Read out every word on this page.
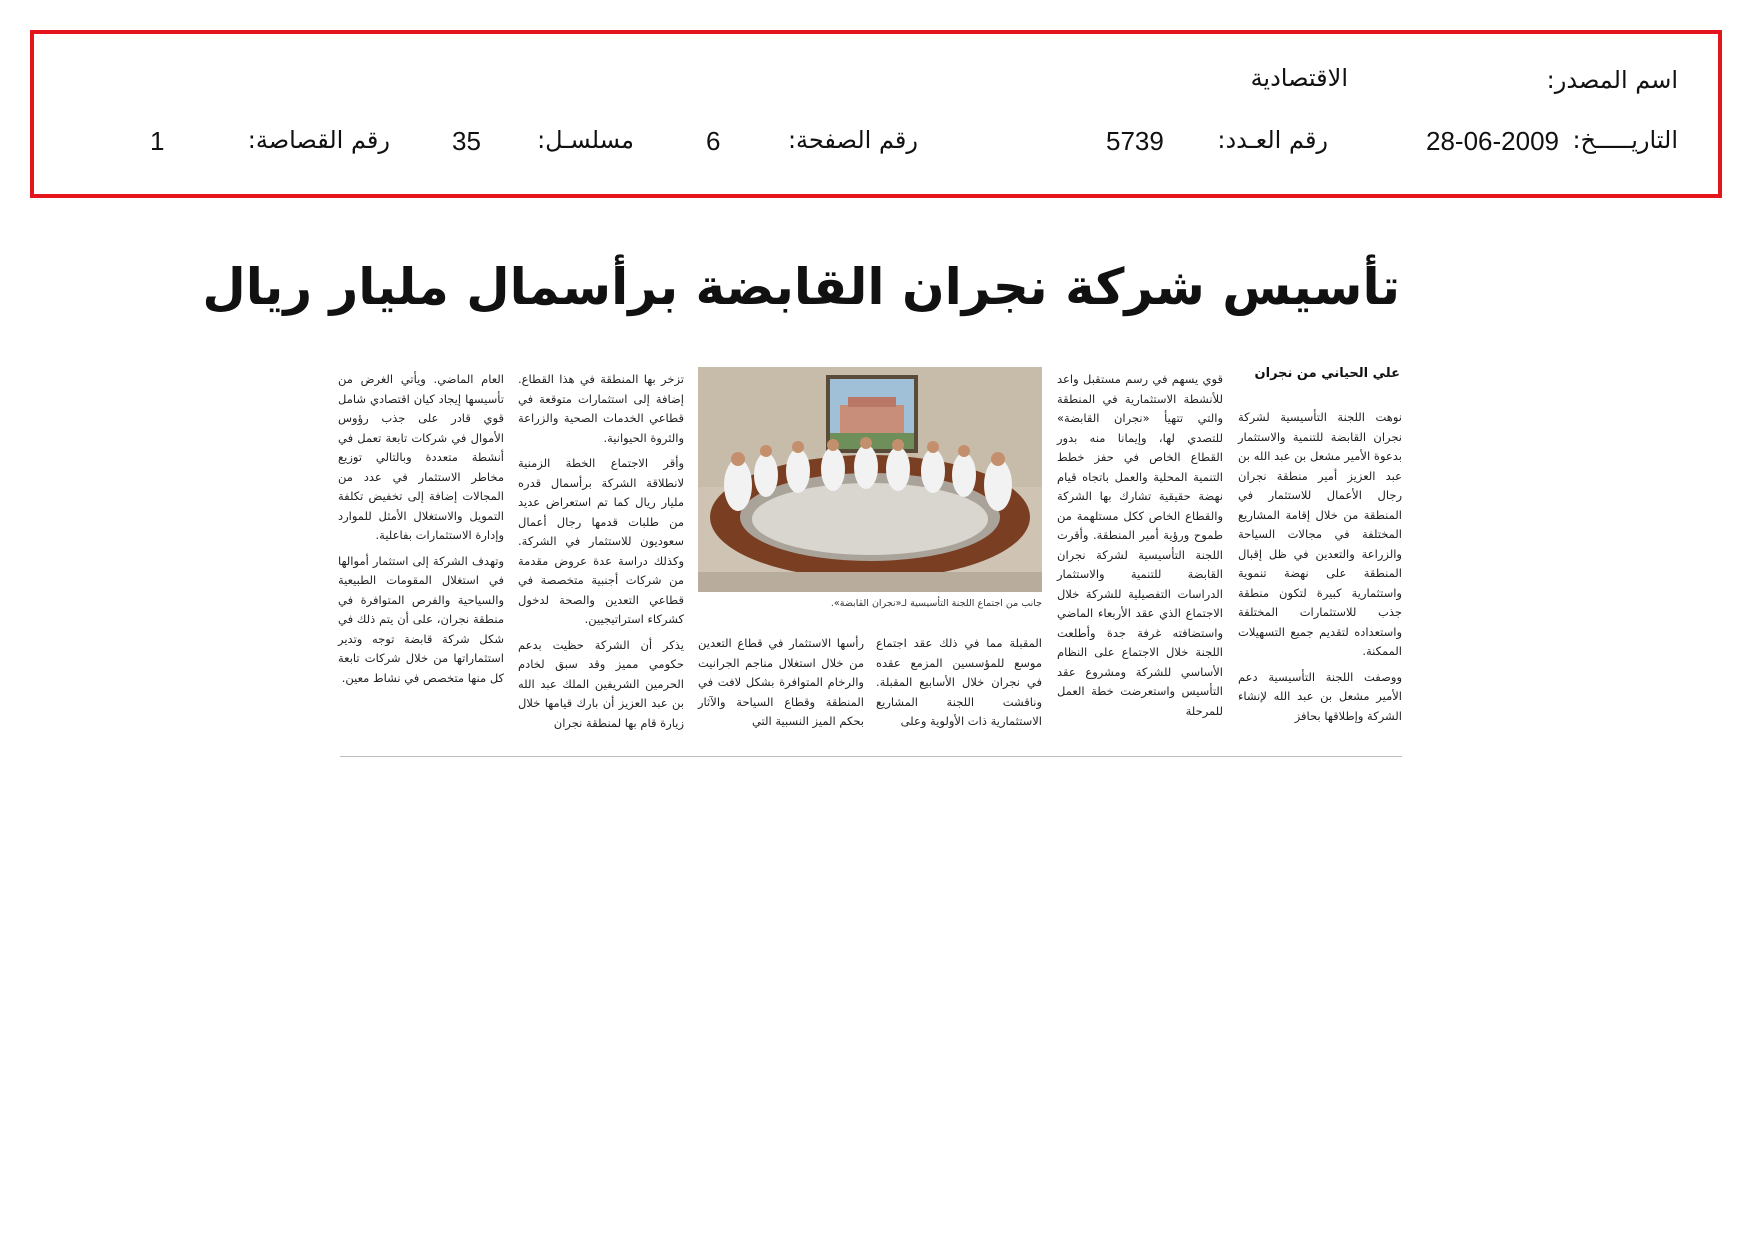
اسم المصدر:
الاقتصادية
التاريـــــخ:
28-06-2009
رقم العـدد:
5739
رقم الصفحة:
6
مسلسـل:
35
رقم القصاصة:
1
تأسيس شركة نجران القابضة برأسمال مليار ريال
علي الحياني من نجران

نوهت اللجنة التأسيسية لشركة نجران القابضة للتنمية والاستثمار بدعوة الأمير مشعل بن عبد الله بن عبد العزيز أمير منطقة نجران رجال الأعمال للاستثمار في المنطقة من خلال إقامة المشاريع المختلفة في مجالات السياحة والزراعة والتعدين في ظل إقبال المنطقة على نهضة تنموية واستثمارية كبيرة لتكون منطقة جذب للاستثمارات المختلفة واستعداده لتقديم جميع التسهيلات الممكنة.

ووصفت اللجنة التأسيسية دعم الأمير مشعل بن عبد الله لإنشاء الشركة وإطلاقها بحافز

قوي يسهم في رسم مستقبل واعد للأنشطة الاستثمارية في المنطقة والتي تتهيأ «نجران القابضة» للتصدي لها، وإيمانا منه بدور القطاع الخاص في حفز خطط التنمية المحلية والعمل باتجاه قيام نهضة حقيقية تشارك بها الشركة والقطاع الخاص ككل مستلهمة من طموح ورؤية أمير المنطقة. وأقرت اللجنة التأسيسية لشركة نجران القابضة للتنمية والاستثمار الدراسات التفصيلية للشركة خلال الاجتماع الذي عقد الأربعاء الماضي واستضافته غرفة جدة وأطلعت اللجنة خلال الاجتماع على النظام الأساسي للشركة ومشروع عقد التأسيس واستعرضت خطة العمل للمرحلة

جانب من اجتماع اللجنة التأسيسية لـ«نجران القابضة».

المقبلة مما في ذلك عقد اجتماع موسع للمؤسسين المزمع عقده في نجران خلال الأسابيع المقبلة. وناقشت اللجنة المشاريع الاستثمارية ذات الأولوية وعلى

رأسها الاستثمار في قطاع التعدين من خلال استغلال مناجم الجرانيت والرخام المتوافرة بشكل لافت في المنطقة وقطاع السياحة والآثار بحكم الميز النسبية التي

تزخر بها المنطقة في هذا القطاع. إضافة إلى استثمارات متوقعة في قطاعي الخدمات الصحية والزراعة والثروة الحيوانية.

وأقر الاجتماع الخطة الزمنية لانطلاقة الشركة برأسمال قدره مليار ريال كما تم استعراض عديد من طلبات قدمها رجال أعمال سعوديون للاستثمار في الشركة. وكذلك دراسة عدة عروض مقدمة من شركات أجنبية متخصصة في قطاعي التعدين والصحة لدخول كشركاء استراتيجيين.

يذكر أن الشركة حظيت بدعم حكومي مميز وقد سبق لخادم الحرمين الشريفين الملك عبد الله بن عبد العزيز أن بارك قيامها خلال زيارة قام بها لمنطقة نجران

العام الماضي. ويأتي الغرض من تأسيسها إيجاد كيان اقتصادي شامل قوي قادر على جذب رؤوس الأموال في شركات تابعة تعمل في أنشطة متعددة وبالتالي توزيع مخاطر الاستثمار في عدد من المجالات إضافة إلى تخفيض تكلفة التمويل والاستغلال الأمثل للموارد وإدارة الاستثمارات بفاعلية.

وتهدف الشركة إلى استثمار أموالها في استغلال المقومات الطبيعية والسياحية والفرص المتوافرة في منطقة نجران، على أن يتم ذلك في شكل شركة قابضة توجه وتدير استثماراتها من خلال شركات تابعة كل منها متخصص في نشاط معين.
